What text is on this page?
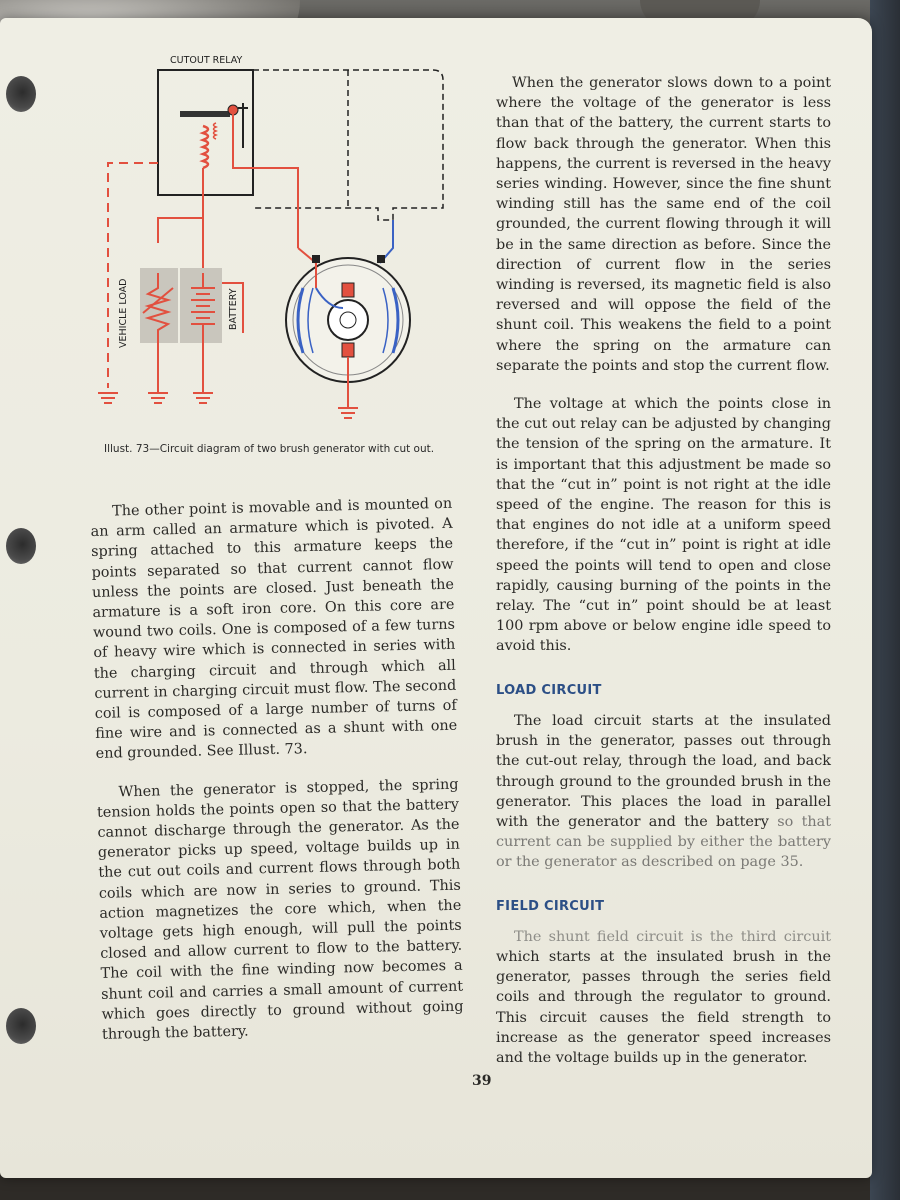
CUTOUT RELAY
VEHICLE LOAD	BATTERY
Illust. 73—Circuit diagram of two brush generator with cut out.

The other point is movable and is mounted on an arm called an armature which is pivoted. A spring attached to this armature keeps the points separated so that current cannot flow unless the points are closed. Just beneath the armature is a soft iron core. On this core are wound two coils. One is composed of a few turns of heavy wire which is connected in series with the charging circuit and through which all current in charging circuit must flow. The second coil is composed of a large number of turns of fine wire and is connected as a shunt with one end grounded. See Illust. 73.

When the generator is stopped, the spring tension holds the points open so that the battery cannot discharge through the generator. As the generator picks up speed, voltage builds up in the cut out coils and current flows through both coils which are now in series to ground. This action magnetizes the core which, when the voltage gets high enough, will pull the points closed and allow current to flow to the battery. The coil with the fine winding now becomes a shunt coil and carries a small amount of current which goes directly to ground without going through the battery.

When the generator slows down to a point where the voltage of the generator is less than that of the battery, the current starts to flow back through the generator. When this happens, the current is reversed in the heavy series winding. However, since the fine shunt winding still has the same end of the coil grounded, the current flowing through it will be in the same direction as before. Since the direction of current flow in the series winding is reversed, its magnetic field is also reversed and will oppose the field of the shunt coil. This weakens the field to a point where the spring on the armature can separate the points and stop the current flow.

The voltage at which the points close in the cut out relay can be adjusted by changing the tension of the spring on the armature. It is important that this adjustment be made so that the “cut in” point is not right at the idle speed of the engine. The reason for this is that engines do not idle at a uniform speed therefore, if the “cut in” point is right at idle speed the points will tend to open and close rapidly, causing burning of the points in the relay. The “cut in” point should be at least 100 rpm above or below engine idle speed to avoid this.

LOAD CIRCUIT

The load circuit starts at the insulated brush in the generator, passes out through the cut-out relay, through the load, and back through ground to the grounded brush in the generator. This places the load in parallel with the generator and the battery so that current can be supplied by either the battery or the generator as described on page 35.

FIELD CIRCUIT

The shunt field circuit is the third circuit which starts at the insulated brush in the generator, passes through the series field coils and through the regulator to ground. This circuit causes the field strength to increase as the generator speed increases and the voltage builds up in the generator.

39
